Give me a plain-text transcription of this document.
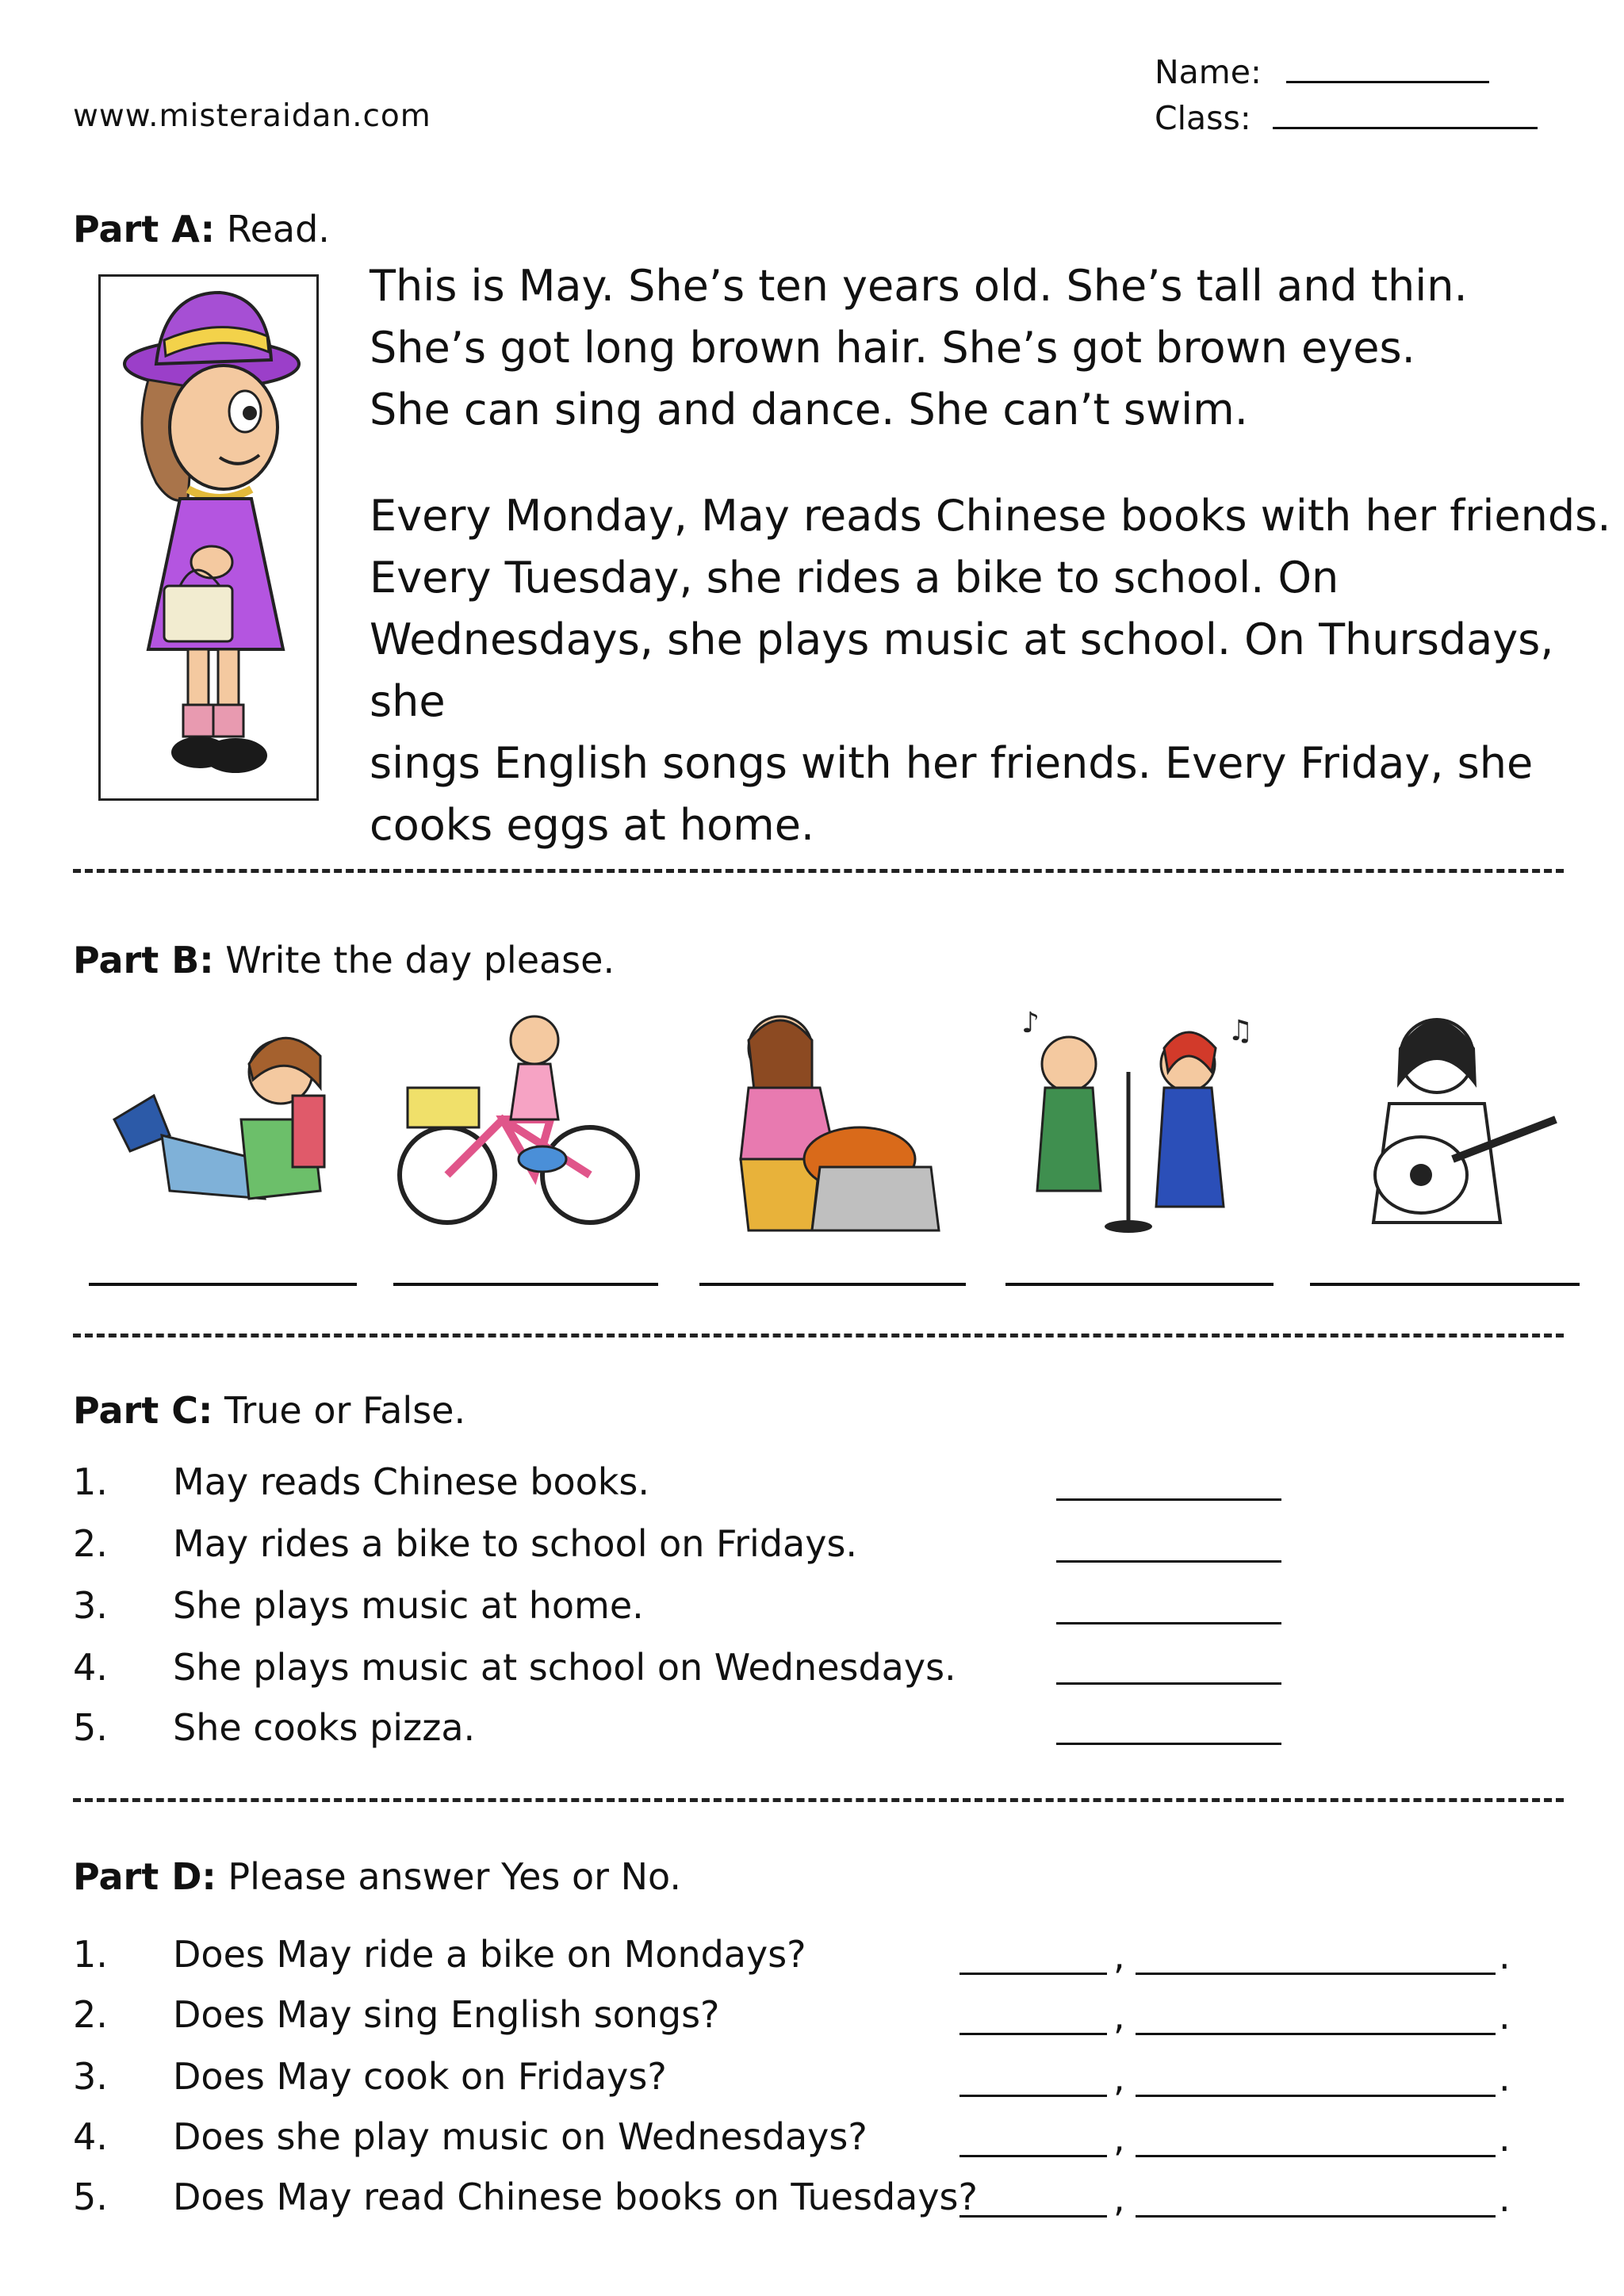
www.misteraidan.com
Name:
Class:
Part A: Read.
This is May. She’s ten years old. She’s tall and thin.
She’s got long brown hair. She’s got brown eyes.
She can sing and dance. She can’t swim.
Every Monday, May reads Chinese books with her friends.
Every Tuesday, she rides a bike to school. On
Wednesdays, she plays music at school. On Thursdays, she
sings English songs with her friends. Every Friday, she
cooks eggs at home.
Part B: Write the day please.
♪	♫
Part C: True or False.
1.	May reads Chinese books.
2. May rides a bike to school on Fridays.
3. She plays music at home.
4. She plays music at school on Wednesdays.
5. She cooks pizza.
Part D: Please answer Yes or No.
1. Does May ride a bike on Mondays?	,	.
2. Does May sing English songs?	,	.
3. Does May cook on Fridays?	,	.
4. Does she play music on Wednesdays?	,	.
5. Does May read Chinese books on Tuesdays?	,	.
